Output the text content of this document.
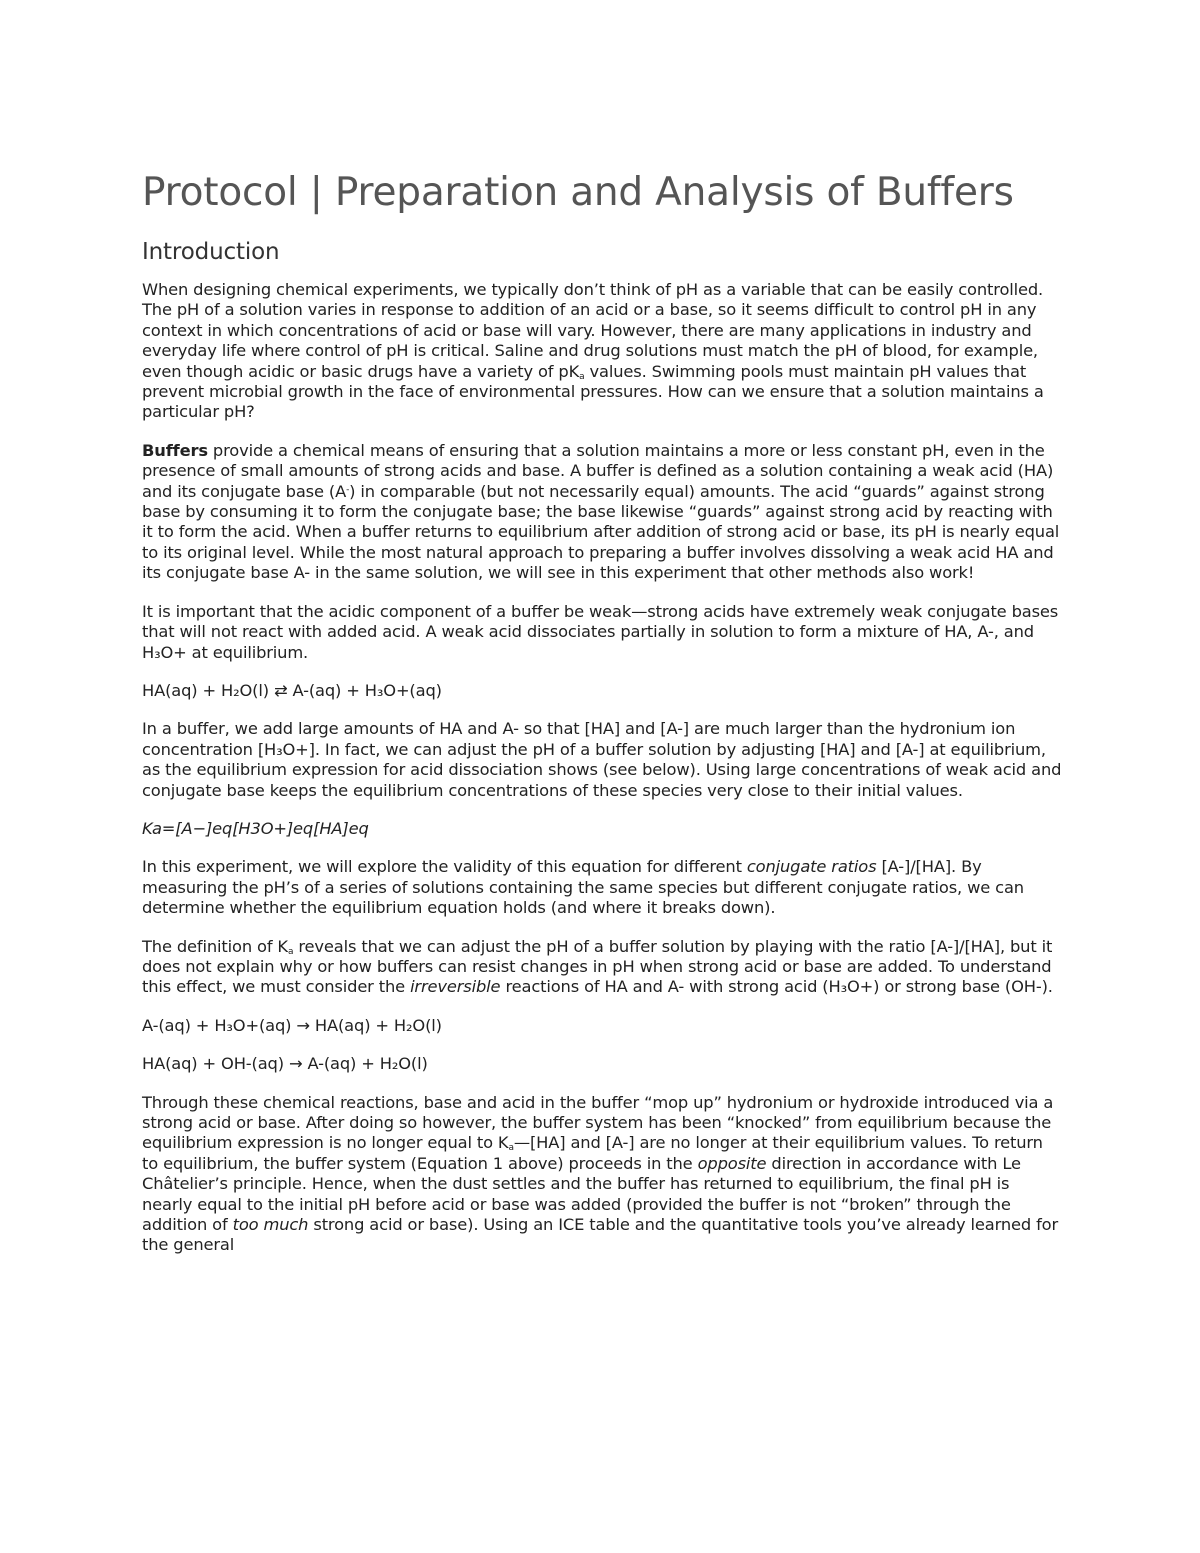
Protocol | Preparation and Analysis of Buffers
Introduction

When designing chemical experiments, we typically don’t think of pH as a variable that can be easily controlled. The pH of a solution varies in response to addition of an acid or a base, so it seems difficult to control pH in any context in which concentrations of acid or base will vary. However, there are many applications in industry and everyday life where control of pH is critical. Saline and drug solutions must match the pH of blood, for example, even though acidic or basic drugs have a variety of $pK_a$ values. Swimming pools must maintain pH values that prevent microbial growth in the face of environmental pressures. How can we ensure that a solution maintains a particular pH?

Buffers provide a chemical means of ensuring that a solution maintains a more or less constant pH, even in the presence of small amounts of strong acids and base. A buffer is defined as a solution containing a weak acid (HA) and its conjugate base (A-) in comparable (but not necessarily equal) amounts. The acid “guards” against strong base by consuming it to form the conjugate base; the base likewise “guards” against strong acid by reacting with it to form the acid. When a buffer returns to equilibrium after addition of strong acid or base, its pH is nearly equal to its original level. While the most natural approach to preparing a buffer involves dissolving a weak acid HA and its conjugate base A- in the same solution, we will see in this experiment that other methods also work!

It is important that the acidic component of a buffer be weak—strong acids have extremely weak conjugate bases that will not react with added acid. A weak acid dissociates partially in solution to form a mixture of HA, A-, and H₃O+ at equilibrium.

HA(aq) + H₂O(l) ⇄ A-(aq) + H₃O+(aq)

In a buffer, we add large amounts of HA and A- so that [HA] and [A-] are much larger than the hydronium ion concentration [H₃O+]. In fact, we can adjust the pH of a buffer solution by adjusting [HA] and [A-] at equilibrium, as the equilibrium expression for acid dissociation shows (see below). Using large concentrations of weak acid and conjugate base keeps the equilibrium concentrations of these species very close to their initial values.

Ka=[A−]eq[H3O+]eq[HA]eq

In this experiment, we will explore the validity of this equation for different conjugate ratios [A-]/[HA]. By measuring the pH’s of a series of solutions containing the same species but different conjugate ratios, we can determine whether the equilibrium equation holds (and where it breaks down).

The definition of $K_a$ reveals that we can adjust the pH of a buffer solution by playing with the ratio [A-]/[HA], but it does not explain why or how buffers can resist changes in pH when strong acid or base are added. To understand this effect, we must consider the irreversible reactions of HA and A- with strong acid (H₃O+) or strong base (OH-).

A-(aq) + H₃O+(aq) → HA(aq) + H₂O(l)

HA(aq) + OH-(aq) → A-(aq) + H₂O(l)

Through these chemical reactions, base and acid in the buffer “mop up” hydronium or hydroxide introduced via a strong acid or base. After doing so however, the buffer system has been “knocked” from equilibrium because the equilibrium expression is no longer equal to $K_a—[HA]$ and [A-] are no longer at their equilibrium values. To return to equilibrium, the buffer system (Equation 1 above) proceeds in the opposite direction in accordance with Le Châtelier’s principle. Hence, when the dust settles and the buffer has returned to equilibrium, the final pH is nearly equal to the initial pH before acid or base was added (provided the buffer is not “broken” through the addition of too much strong acid or base). Using an ICE table and the quantitative tools you’ve already learned for the general
